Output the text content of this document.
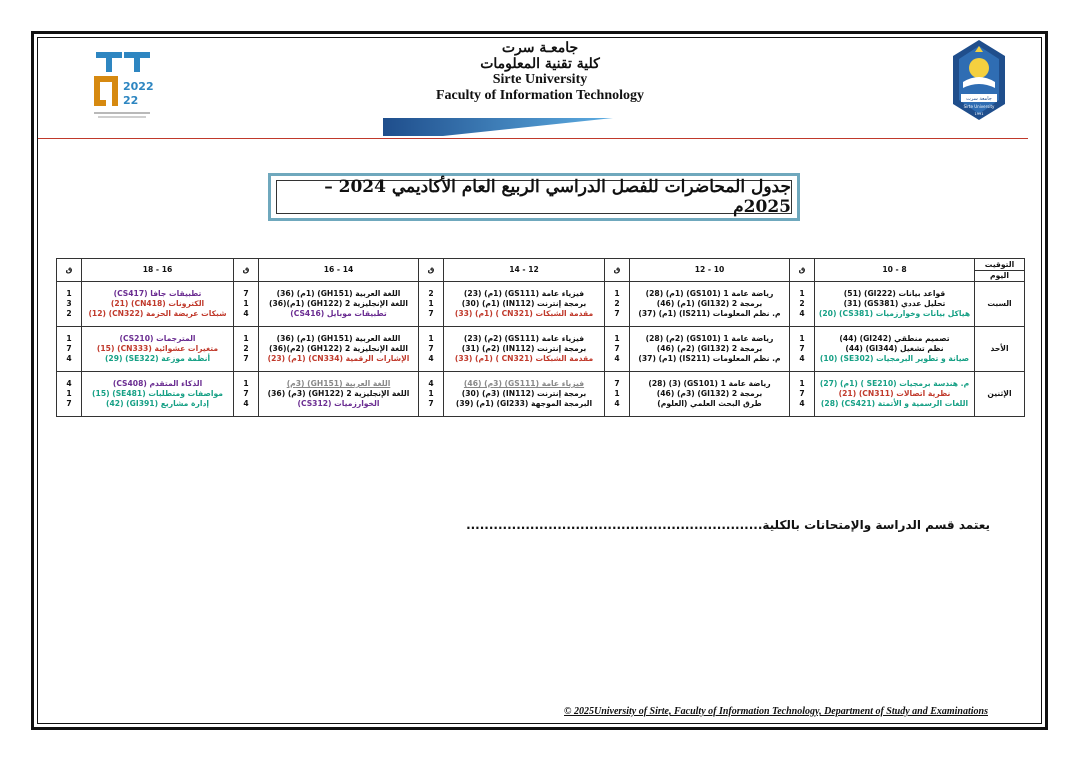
2022
22	جامعة سرت
Sirte University
1991
جامعـة سرت
كلية تقنية المعلومات
Sirte University
Faculty of Information Technology
جدول المحاضرات للفصل الدراسي الربيع العام الأكاديمي 2024 – 2025م
التوقيت
اليوم	8 - 10	ق	10 - 12	ق	12 - 14	ق	14 - 16	ق	16 - 18	ق
السبت	قواعد بيانات (GI222) (51)
تحليل عددي (GS381) (31)
هياكل بيانات وخوارزميات (CS381) (20)	1
2
4	رياضة عامة 1 (GS101) (1م) (28)
برمجة 2 (GI132) (1م) (46)
م. نظم المعلومات (IS211) (1م) (37)	1
2
7	فيزياء عامة (GS111) (1م) (23)
برمجة إنترنت (IN112) (1م) (30)
مقدمة الشبكات (CN321 ) (1م) (33)	2
1
7	اللغة العربية (GH151) (1م) (36)
اللغة الإنجليزية 2 (GH122) (1م)(36)
تطبيقات موبايل (CS416)	7
1
4	تطبيقات جافا (CS417)
الكترونات (CN418) (21)
شبكات عريضة الحزمة (CN322) (12)	1
3
2

الأحد	تصميم منطقي (GI242) (44)
نظم تشغيل (GI344) (44)
صيانة و تطوير البرمجيات (SE302) (10)	1
7
4	رياضة عامة 1 (GS101) (2م) (28)
برمجة 2 (GI132) (2م) (46)
م. نظم المعلومات (IS211) (1م) (37)	1
7
4	فيزياء عامة (GS111) (2م) (23)
برمجة إنترنت (IN112) (2م) (31)
مقدمة الشبكات (CN321 ) (1م) (33)	1
7
4	اللغة العربية (GH151) (1م) (36)
اللغة الإنجليزية 2 (GH122) (2م)(36)
الإشارات الرقمية (CN334) (1م) (23)	1
2
7	المترجمات (CS210)
متغيرات عشوائية (CN333) (15)
أنظمة موزعة (SE322) (29)	1
7
4

الإثنين	م. هندسة برمجيات (SE210 ) (1م) (27)
نظرية اتصالات (CN311) (21)
اللغات الرسمية و الأتمتة (CS421) (28)	1
7
4	رياضة عامة 1 (GS101) (3) (28)
برمجة 2 (GI132) (3م) (46)
طرق البحث العلمي (العلوم)	7
1
4	فيزياء عامة (GS111) (3م) (46)
برمجة إنترنت (IN112) (3م) (30)
البرمجة الموجهة (GI233) (1م) (39)	4
1
7	اللغة العربية (GH151) (3م)
اللغة الإنجليزية 2 (GH122) (3م) (36)
الخوارزميات (CS312)	1
7
4	الذكاء المتقدم (CS408)
مواصفات ومتطلبات (SE481) (15)
إدارة مشاريع (GI391) (42)	4
1
7
يعتمد قسم الدراسة والإمتحانات بالكلية.................................................................
© 2025University of Sirte, Faculty of Information Technology, Department of Study and Examinations
